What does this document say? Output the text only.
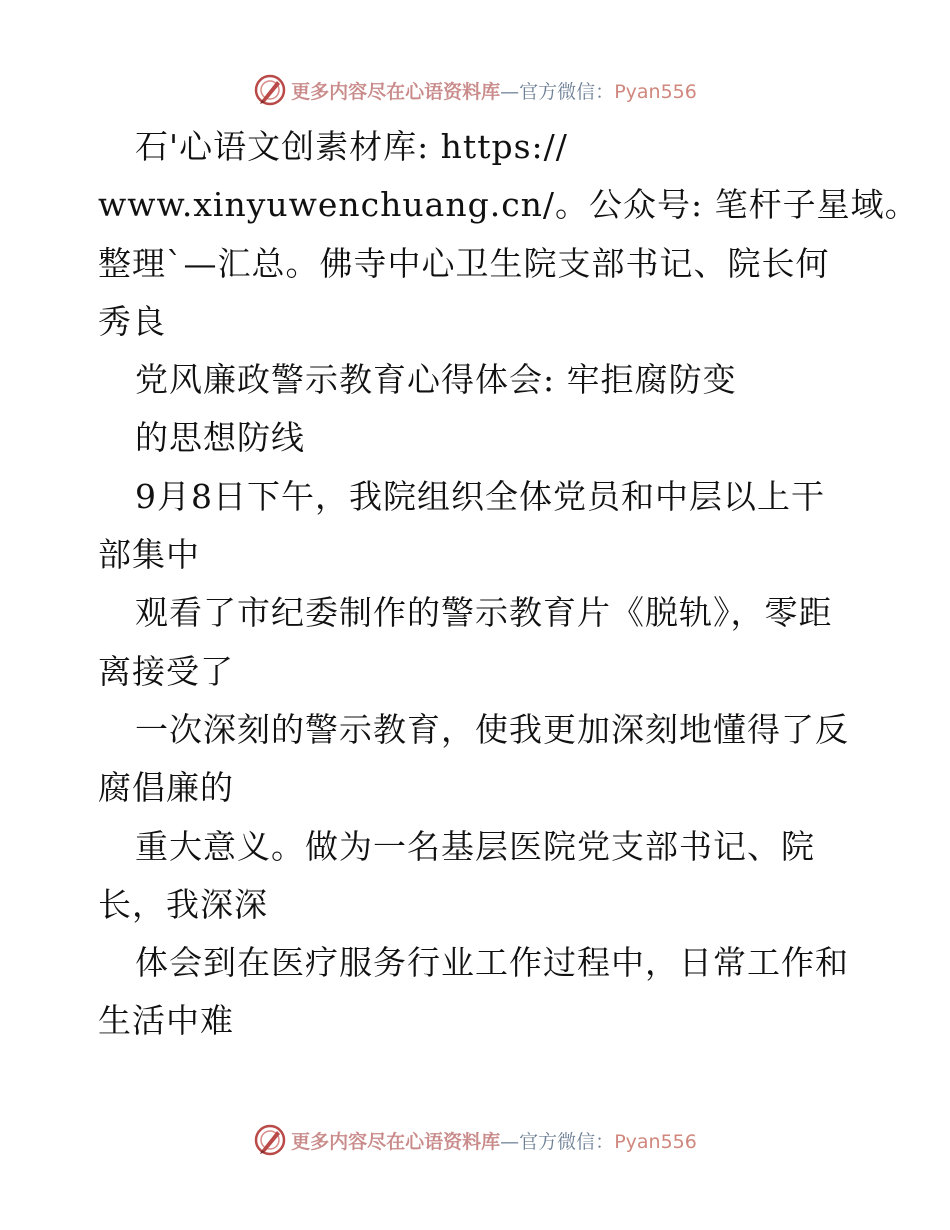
更多内容尽在心语资料库—官方微信：Pyan556
石'心语文创素材库: https://
www.xinyuwenchuang.cn/。公众号: 笔杆子星域。
整理`—汇总。佛寺中心卫生院支部书记、院长何
秀良
党风廉政警示教育心得体会: 牢拒腐防变
的思想防线
9月8日下午，我院组织全体党员和中层以上干
部集中
观看了市纪委制作的警示教育片《脱轨》，零距
离接受了
一次深刻的警示教育，使我更加深刻地懂得了反
腐倡廉的
重大意义。做为一名基层医院党支部书记、院
长，我深深
体会到在医疗服务行业工作过程中，日常工作和
生活中难
更多内容尽在心语资料库—官方微信：Pyan556
